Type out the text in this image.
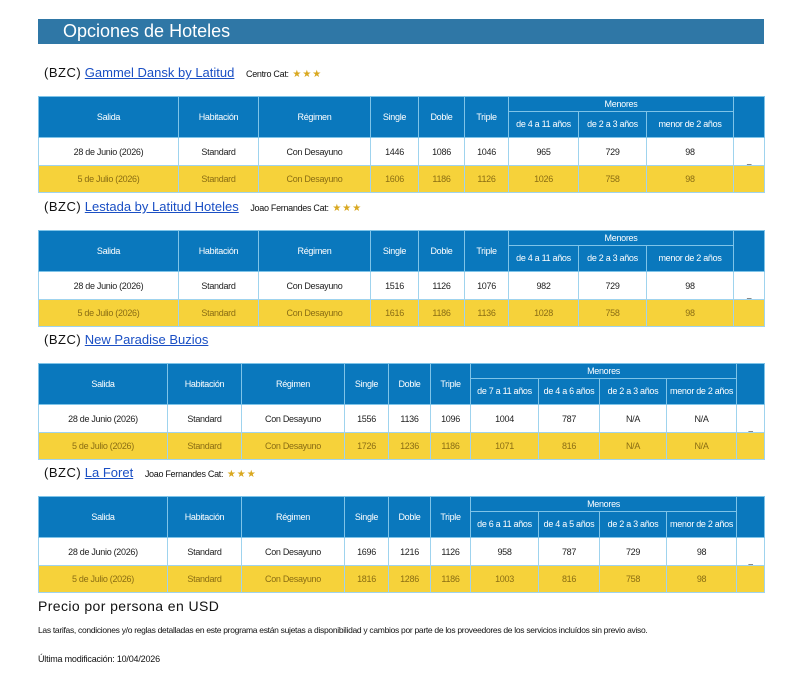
Opciones de Hoteles
(BZC) Gammel Dansk by Latitud Centro Cat: ★★★
Salida	Habitación	Régimen	Single	Doble	Triple	Menores			
						de 4 a 11 años	de 2 a 3 años	menor de 2 años	
28 de Junio (2026)	Standard	Con Desayuno	1446	1086	1046	965	729	98	_
5 de Julio (2026)	Standard	Con Desayuno	1606	1186	1126	1026	758	98	
(BZC) Lestada by Latitud Hoteles Joao Fernandes Cat: ★★★
Salida	Habitación	Régimen	Single	Doble	Triple	Menores			
						de 4 a 11 años	de 2 a 3 años	menor de 2 años	
28 de Junio (2026)	Standard	Con Desayuno	1516	1126	1076	982	729	98	_
5 de Julio (2026)	Standard	Con Desayuno	1616	1186	1136	1028	758	98	
(BZC) New Paradise Buzios
Salida	Habitación	Régimen	Single	Doble	Triple	Menores				
						de 7 a 11 años	de 4 a 6 años	de 2 a 3 años	menor de 2 años	
28 de Junio (2026)	Standard	Con Desayuno	1556	1136	1096	1004	787	N/A	N/A	_
5 de Julio (2026)	Standard	Con Desayuno	1726	1236	1186	1071	816	N/A	N/A	
(BZC) La Foret Joao Fernandes Cat: ★★★
Salida	Habitación	Régimen	Single	Doble	Triple	Menores				
						de 6 a 11 años	de 4 a 5 años	de 2 a 3 años	menor de 2 años	
28 de Junio (2026)	Standard	Con Desayuno	1696	1216	1126	958	787	729	98	_
5 de Julio (2026)	Standard	Con Desayuno	1816	1286	1186	1003	816	758	98	
Precio por persona en USD
Las tarifas, condiciones y/o reglas detalladas en este programa están sujetas a disponibilidad y cambios por parte de los proveedores de los servicios incluídos sin previo aviso.
Última modificación: 10/04/2026
